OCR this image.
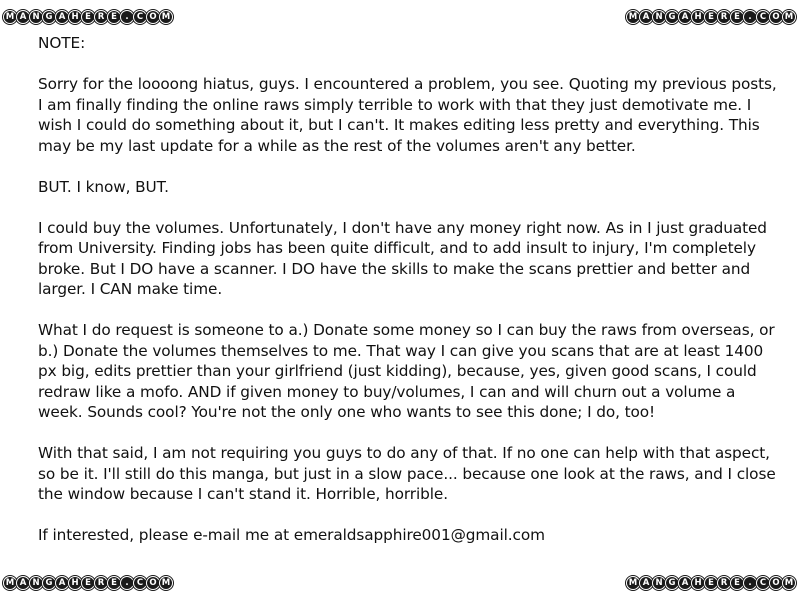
M A N G A H E R E . C O M	M A N G A H E R E . C O M
M A N G A H E R E . C O M	M A N G A H E R E . C O M

NOTE:

Sorry for the loooong hiatus, guys. I encountered a problem, you see. Quoting my previous posts, I am finally finding the online raws simply terrible to work with that they just demotivate me. I wish I could do something about it, but I can't. It makes editing less pretty and everything. This may be my last update for a while as the rest of the volumes aren't any better.

BUT. I know, BUT.

I could buy the volumes. Unfortunately, I don't have any money right now. As in I just graduated from University. Finding jobs has been quite difficult, and to add insult to injury, I'm completely broke. But I DO have a scanner. I DO have the skills to make the scans prettier and better and larger. I CAN make time.

What I do request is someone to a.) Donate some money so I can buy the raws from overseas, or b.) Donate the volumes themselves to me. That way I can give you scans that are at least 1400 px big, edits prettier than your girlfriend (just kidding), because, yes, given good scans, I could redraw like a mofo. AND if given money to buy/volumes, I can and will churn out a volume a week. Sounds cool? You're not the only one who wants to see this done; I do, too!

With that said, I am not requiring you guys to do any of that. If no one can help with that aspect, so be it. I'll still do this manga, but just in a slow pace... because one look at the raws, and I close the window because I can't stand it. Horrible, horrible.

If interested, please e-mail me at emeraldsapphire001@gmail.com
